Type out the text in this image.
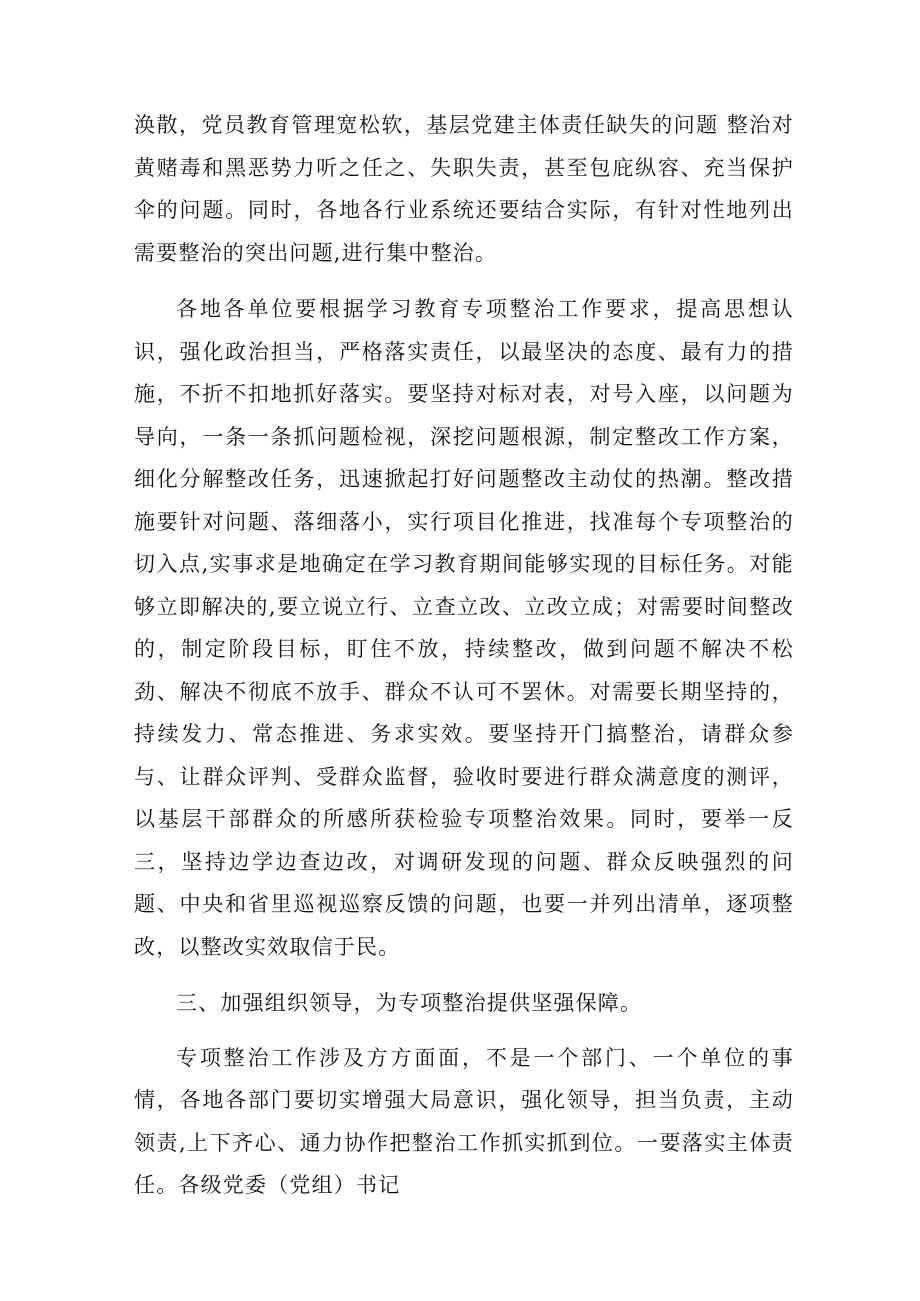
涣散，党员教育管理宽松软，基层党建主体责任缺失的问题 整治对黄赌毒和黑恶势力听之任之、失职失责，甚至包庇纵容、充当保护伞的问题。同时，各地各行业系统还要结合实际，有针对性地列出需要整治的突出问题,进行集中整治。

各地各单位要根据学习教育专项整治工作要求，提高思想认识，强化政治担当，严格落实责任，以最坚决的态度、最有力的措施，不折不扣地抓好落实。要坚持对标对表，对号入座，以问题为导向，一条一条抓问题检视，深挖问题根源，制定整改工作方案，细化分解整改任务，迅速掀起打好问题整改主动仗的热潮。整改措施要针对问题、落细落小，实行项目化推进，找准每个专项整治的切入点,实事求是地确定在学习教育期间能够实现的目标任务。对能够立即解决的,要立说立行、立查立改、立改立成；对需要时间整改的，制定阶段目标，盯住不放，持续整改，做到问题不解决不松劲、解决不彻底不放手、群众不认可不罢休。对需要长期坚持的，持续发力、常态推进、务求实效。要坚持开门搞整治，请群众参与、让群众评判、受群众监督，验收时要进行群众满意度的测评，以基层干部群众的所感所获检验专项整治效果。同时，要举一反三，坚持边学边查边改，对调研发现的问题、群众反映强烈的问题、中央和省里巡视巡察反馈的问题，也要一并列出清单，逐项整改，以整改实效取信于民。

三、加强组织领导，为专项整治提供坚强保障。

专项整治工作涉及方方面面，不是一个部门、一个单位的事情，各地各部门要切实增强大局意识，强化领导，担当负责，主动领责,上下齐心、通力协作把整治工作抓实抓到位。一要落实主体责任。各级党委（党组）书记
